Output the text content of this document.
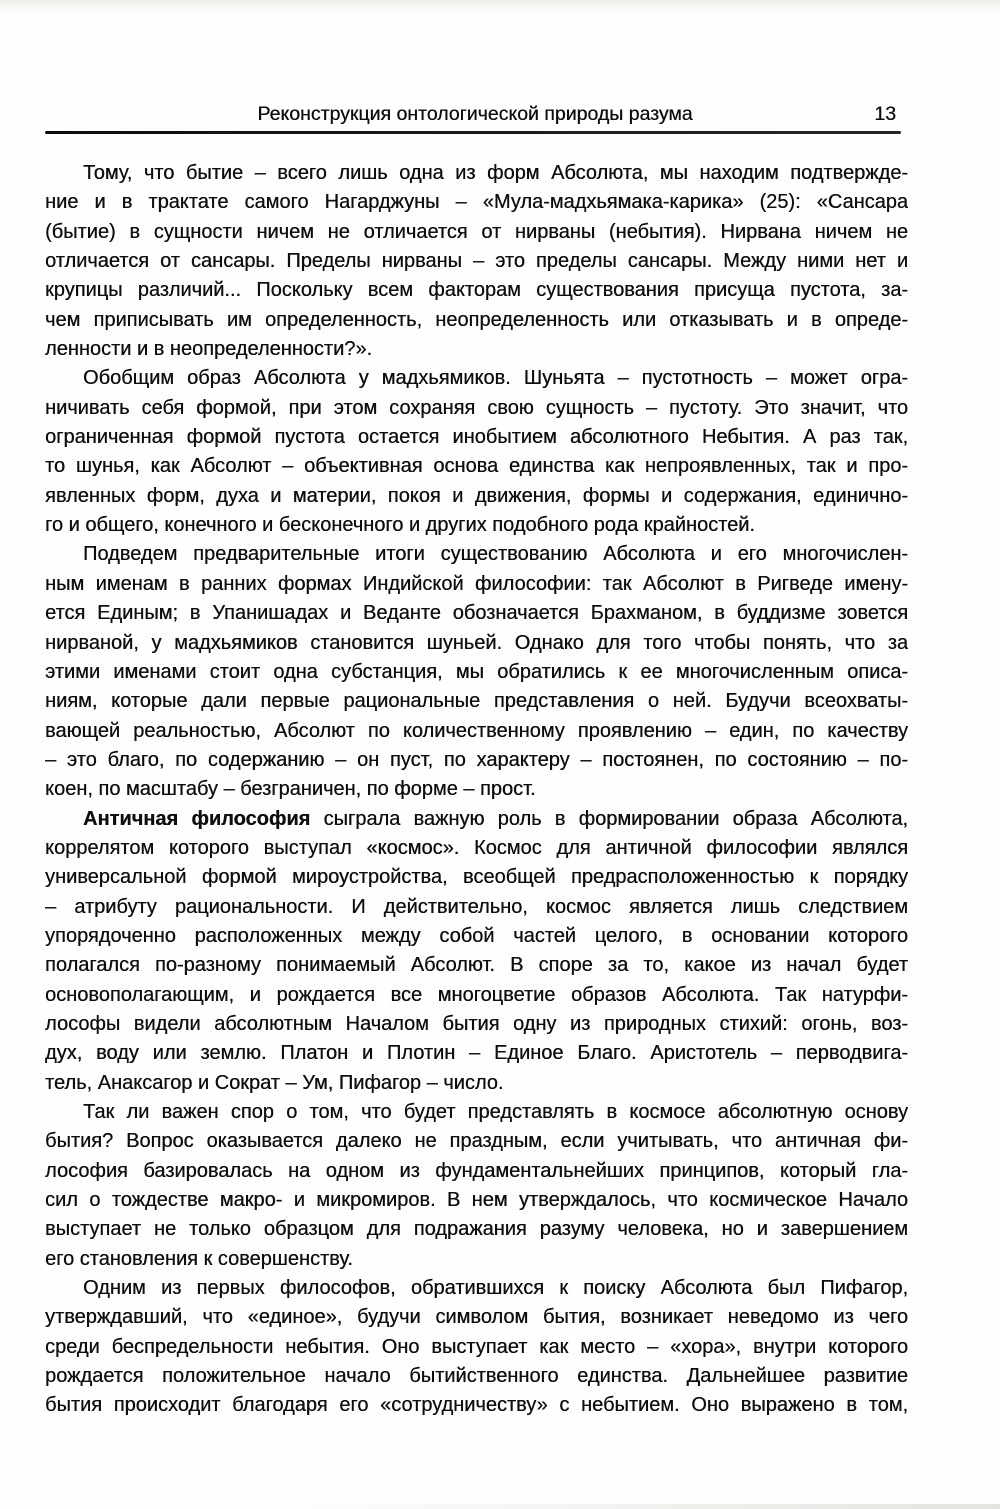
Реконструкция онтологической природы разума	13
Тому, что бытие – всего лишь одна из форм Абсолюта, мы находим подтвержде-
ние и в трактате самого Нагарджуны – «Мула-мадхьямака-карика» (25): «Сансара
(бытие) в сущности ничем не отличается от нирваны (небытия). Нирвана ничем не
отличается от сансары. Пределы нирваны – это пределы сансары. Между ними нет и
крупицы различий... Поскольку всем факторам существования присуща пустота, за-
чем приписывать им определенность, неопределенность или отказывать и в опреде-
ленности и в неопределенности?».
Обобщим образ Абсолюта у мадхьямиков. Шуньята – пустотность – может огра-
ничивать себя формой, при этом сохраняя свою сущность – пустоту. Это значит, что
ограниченная формой пустота остается инобытием абсолютного Небытия. А раз так,
то шунья, как Абсолют – объективная основа единства как непроявленных, так и про-
явленных форм, духа и материи, покоя и движения, формы и содержания, единично-
го и общего, конечного и бесконечного и других подобного рода крайностей.
Подведем предварительные итоги существованию Абсолюта и его многочислен-
ным именам в ранних формах Индийской философии: так Абсолют в Ригведе имену-
ется Единым; в Упанишадах и Веданте обозначается Брахманом, в буддизме зовется
нирваной, у мадхьямиков становится шуньей. Однако для того чтобы понять, что за
этими именами стоит одна субстанция, мы обратились к ее многочисленным описа-
ниям, которые дали первые рациональные представления о ней. Будучи всеохваты-
вающей реальностью, Абсолют по количественному проявлению – един, по качеству
– это благо, по содержанию – он пуст, по характеру – постоянен, по состоянию – по-
коен, по масштабу – безграничен, по форме – прост.
Античная философия сыграла важную роль в формировании образа Абсолюта,
коррелятом которого выступал «космос». Космос для античной философии являлся
универсальной формой мироустройства, всеобщей предрасположенностью к порядку
– атрибуту рациональности. И действительно, космос является лишь следствием
упорядоченно расположенных между собой частей целого, в основании которого
полагался по-разному понимаемый Абсолют. В споре за то, какое из начал будет
основополагающим, и рождается все многоцветие образов Абсолюта. Так натурфи-
лософы видели абсолютным Началом бытия одну из природных стихий: огонь, воз-
дух, воду или землю. Платон и Плотин – Единое Благо. Аристотель – перводвига-
тель, Анаксагор и Сократ – Ум, Пифагор – число.
Так ли важен спор о том, что будет представлять в космосе абсолютную основу
бытия? Вопрос оказывается далеко не праздным, если учитывать, что античная фи-
лософия базировалась на одном из фундаментальнейших принципов, который гла-
сил о тождестве макро- и микромиров. В нем утверждалось, что космическое Начало
выступает не только образцом для подражания разуму человека, но и завершением
его становления к совершенству.
Одним из первых философов, обратившихся к поиску Абсолюта был Пифагор,
утверждавший, что «единое», будучи символом бытия, возникает неведомо из чего
среди беспредельности небытия. Оно выступает как место – «хора», внутри которого
рождается положительное начало бытийственного единства. Дальнейшее развитие
бытия происходит благодаря его «сотрудничеству» с небытием. Оно выражено в том,
